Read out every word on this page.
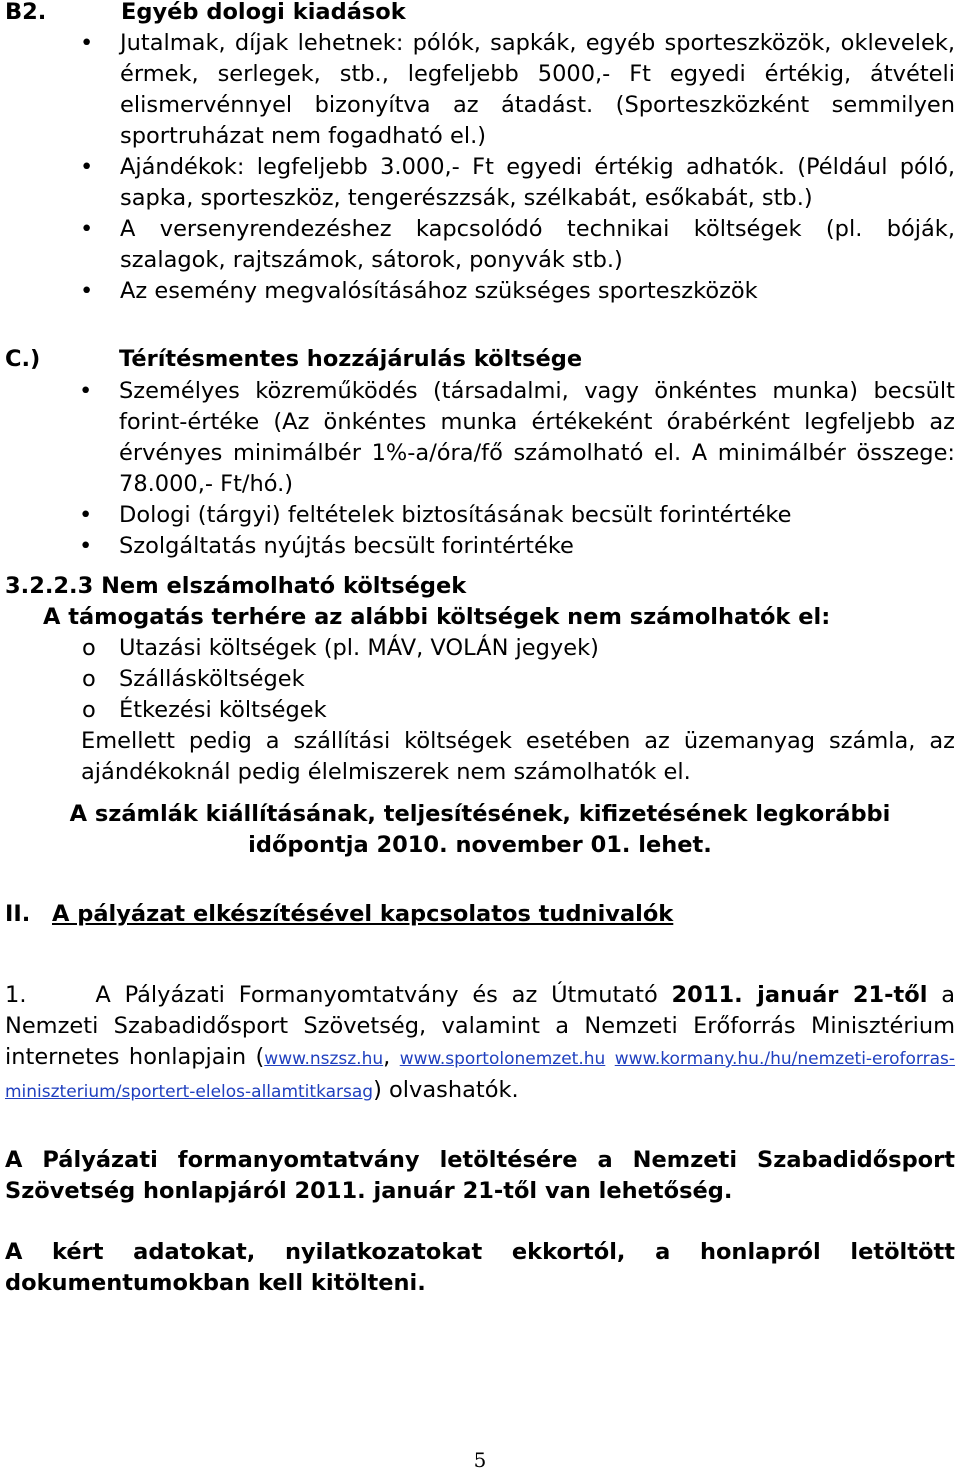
B2.	Egyéb dologi kiadások
• Jutalmak, díjak lehetnek: pólók, sapkák, egyéb sporteszközök, oklevelek, érmek, serlegek, stb., legfeljebb 5000,- Ft egyedi értékig, átvételi elismervénnyel bizonyítva az átadást. (Sporteszközként semmilyen sportruházat nem fogadható el.)
• Ajándékok: legfeljebb 3.000,- Ft egyedi értékig adhatók. (Például póló, sapka, sporteszköz, tengerészzsák, szélkabát, esőkabát, stb.)
• A versenyrendezéshez kapcsolódó technikai költségek (pl. bóják, szalagok, rajtszámok, sátorok, ponyvák stb.)
• Az esemény megvalósításához szükséges sporteszközök
C.)	Térítésmentes hozzájárulás költsége
• Személyes közreműködés (társadalmi, vagy önkéntes munka) becsült forint-értéke (Az önkéntes munka értékeként órabérként legfeljebb az érvényes minimálbér 1%-a/óra/fő számolható el. A minimálbér összege: 78.000,- Ft/hó.)
• Dologi (tárgyi) feltételek biztosításának becsült forintértéke
• Szolgáltatás nyújtás becsült forintértéke
3.2.2.3 Nem elszámolható költségek
A támogatás terhére az alábbi költségek nem számolhatók el:
o Utazási költségek (pl. MÁV, VOLÁN jegyek)
o Szállásköltségek
o Étkezési költségek
Emellett pedig a szállítási költségek esetében az üzemanyag számla, az ajándékoknál pedig élelmiszerek nem számolhatók el.
A számlák kiállításának, teljesítésének, kifizetésének legkorábbi időpontja 2010. november 01. lehet.
II. A pályázat elkészítésével kapcsolatos tudnivalók
1.	A Pályázati Formanyomtatvány és az Útmutató 2011. január 21-től a Nemzeti Szabadidősport Szövetség, valamint a Nemzeti Erőforrás Minisztérium internetes honlapjain (www.nszsz.hu, www.sportolonemzet.hu www.kormany.hu./hu/nemzeti-eroforras-miniszterium/sportert-elelos-allamtitkarsag) olvashatók.
A Pályázati formanyomtatvány letöltésére a Nemzeti Szabadidősport Szövetség honlapjáról 2011. január 21-től van lehetőség.
A kért adatokat, nyilatkozatokat ekkortól, a honlapról letöltött dokumentumokban kell kitölteni.
5
